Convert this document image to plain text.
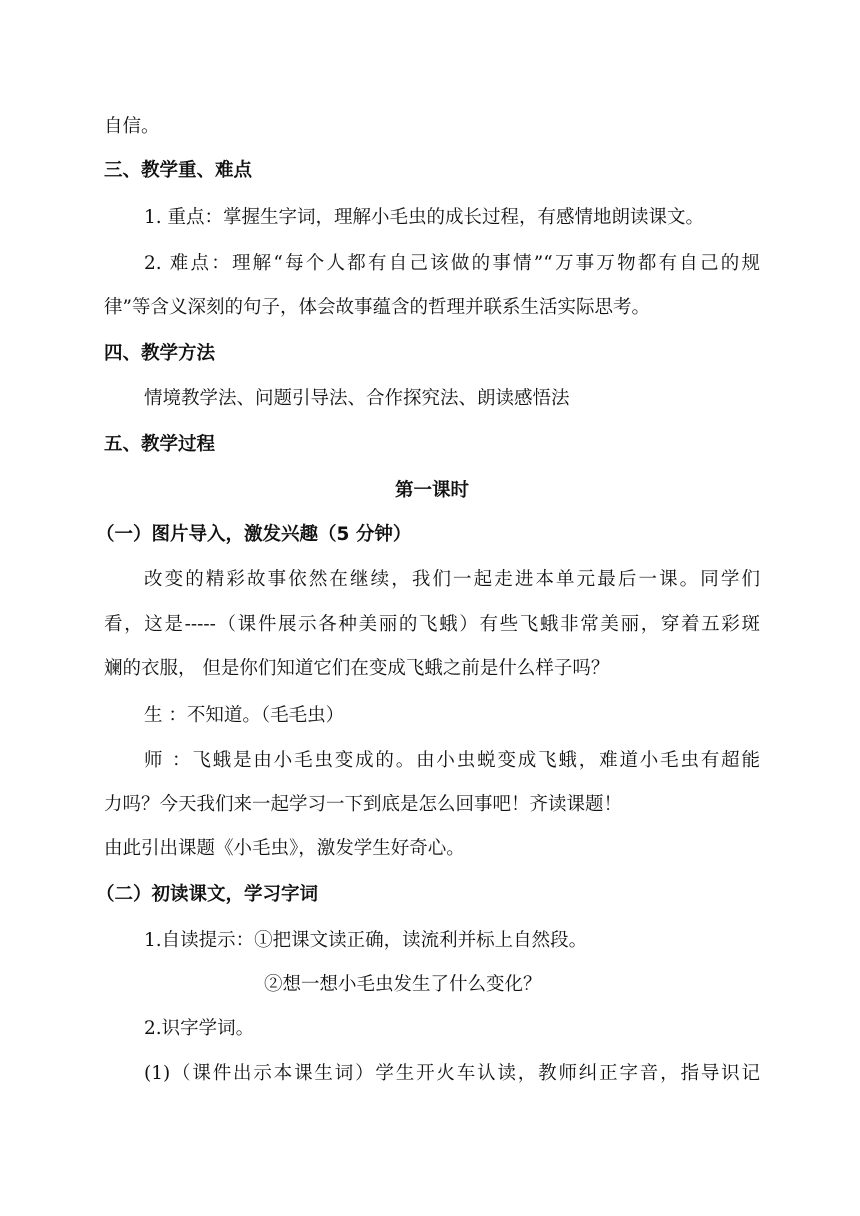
自信。
三、教学重、难点
1. 重点：掌握生字词，理解小毛虫的成长过程，有感情地朗读课文。
2. 难点：理解“每个人都有自己该做的事情”“万事万物都有自己的规
律”等含义深刻的句子，体会故事蕴含的哲理并联系生活实际思考。
四、教学方法
情境教学法、问题引导法、合作探究法、朗读感悟法
五、教学过程
第一课时
（一）图片导入，激发兴趣（5 分钟）
改变的精彩故事依然在继续，我们一起走进本单元最后一课。同学们
看，这是-----（课件展示各种美丽的飞蛾）有些飞蛾非常美丽，穿着五彩斑
斓的衣服， 但是你们知道它们在变成飞蛾之前是什么样子吗？
生 ：不知道。（毛毛虫）
师 ：飞蛾是由小毛虫变成的。由小虫蜕变成飞蛾，难道小毛虫有超能
力吗？今天我们来一起学习一下到底是怎么回事吧！齐读课题！
由此引出课题《小毛虫》，激发学生好奇心。
（二）初读课文，学习字词
1.自读提示：①把课文读正确，读流利并标上自然段。
②想一想小毛虫发生了什么变化？
2.识字学词。
(1)（课件出示本课生词）学生开火车认读，教师纠正字音，指导识记
